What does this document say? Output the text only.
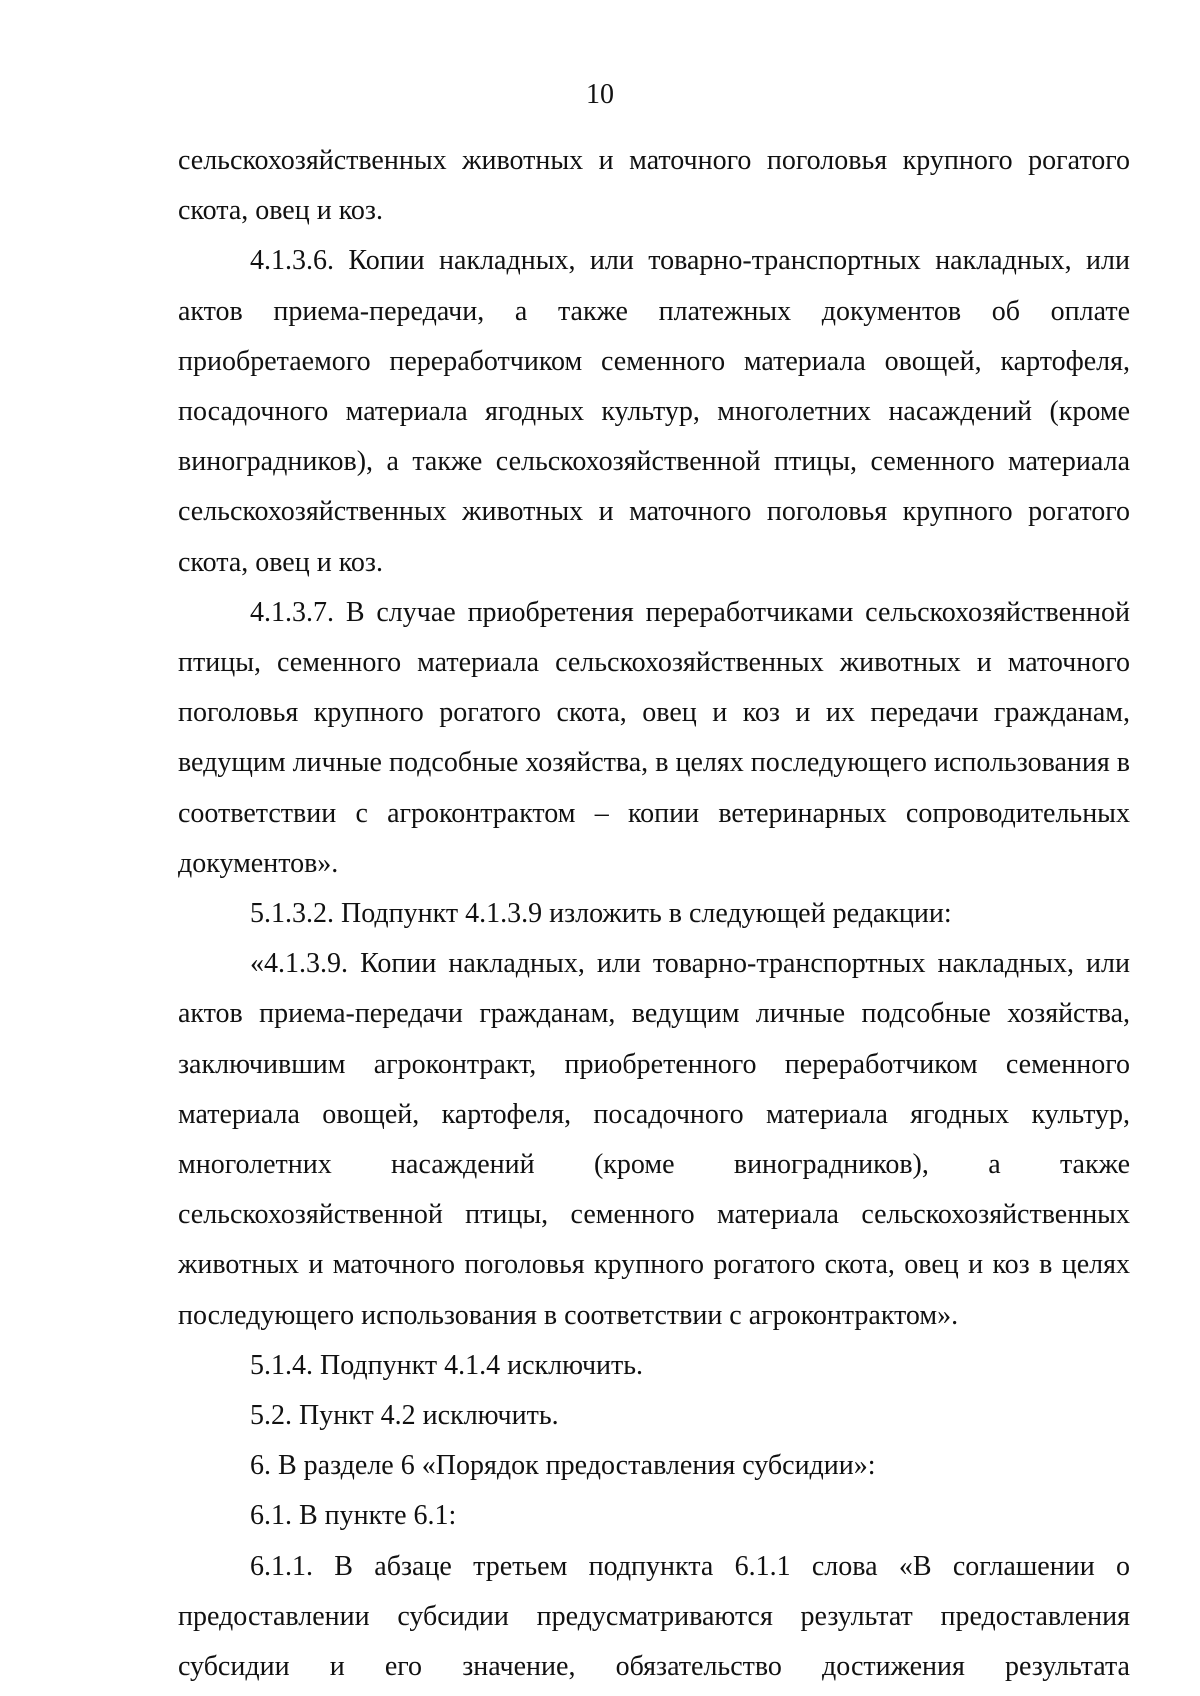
10

сельскохозяйственных животных и маточного поголовья крупного рогатого скота, овец и коз.

4.1.3.6. Копии накладных, или товарно-транспортных накладных, или актов приема-передачи, а также платежных документов об оплате приобретаемого переработчиком семенного материала овощей, картофеля, посадочного материала ягодных культур, многолетних насаждений (кроме виноградников), а также сельскохозяйственной птицы, семенного материала сельскохозяйственных животных и маточного поголовья крупного рогатого скота, овец и коз.

4.1.3.7. В случае приобретения переработчиками сельскохозяйственной птицы, семенного материала сельскохозяйственных животных и маточного поголовья крупного рогатого скота, овец и коз и их передачи гражданам, ведущим личные подсобные хозяйства, в целях последующего использования в соответствии с агроконтрактом – копии ветеринарных сопроводительных документов».

5.1.3.2. Подпункт 4.1.3.9 изложить в следующей редакции:

«4.1.3.9. Копии накладных, или товарно-транспортных накладных, или актов приема-передачи гражданам, ведущим личные подсобные хозяйства, заключившим агроконтракт, приобретенного переработчиком семенного материала овощей, картофеля, посадочного материала ягодных культур, многолетних насаждений (кроме виноградников), а также сельскохозяйственной птицы, семенного материала сельскохозяйственных животных и маточного поголовья крупного рогатого скота, овец и коз в целях последующего использования в соответствии с агроконтрактом».

5.1.4. Подпункт 4.1.4 исключить.

5.2. Пункт 4.2 исключить.

6. В разделе 6 «Порядок предоставления субсидии»:

6.1. В пункте 6.1:

6.1.1. В абзаце третьем подпункта 6.1.1 слова «В соглашении о предоставлении субсидии предусматриваются результат предоставления субсидии и его значение, обязательство достижения результата
